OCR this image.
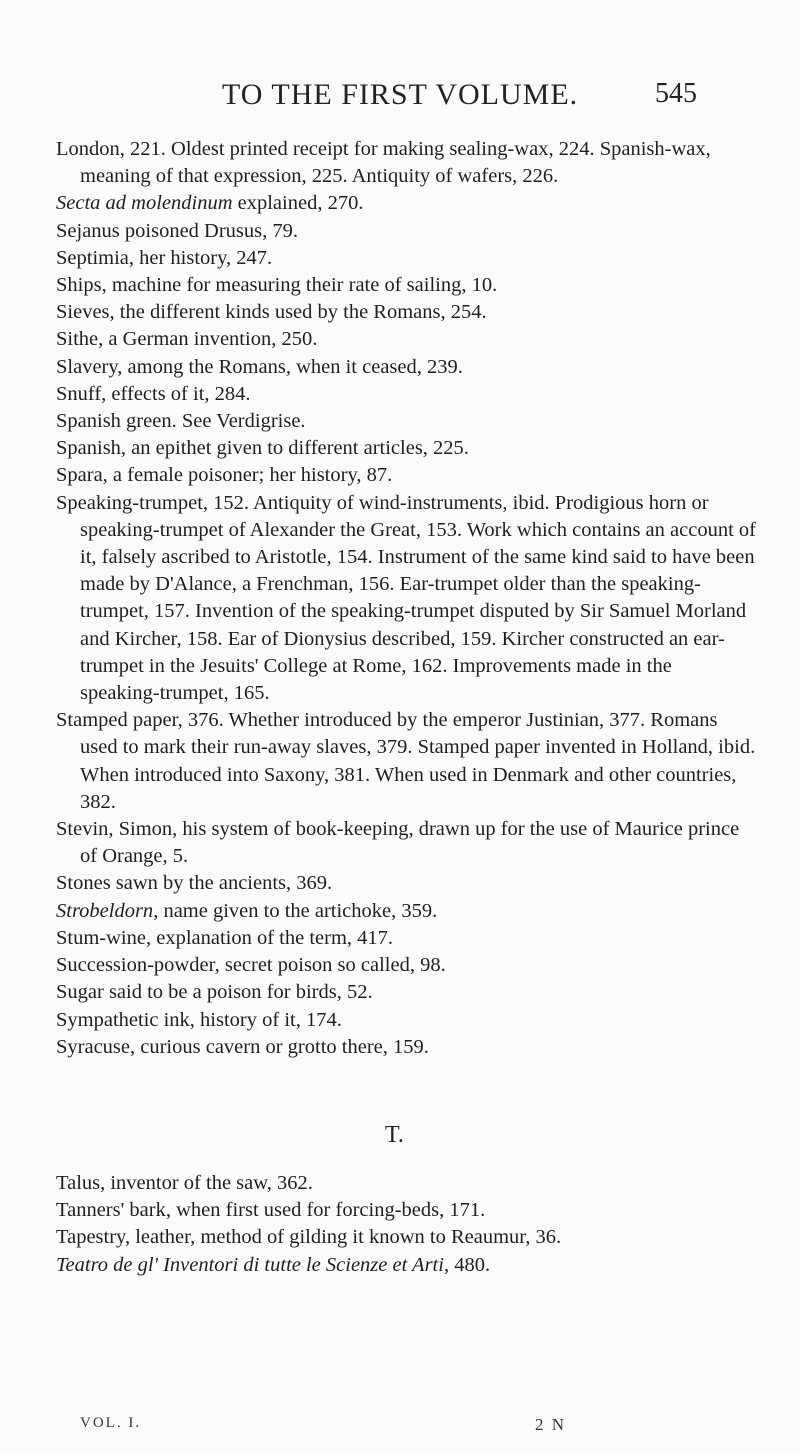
TO THE FIRST VOLUME.	545

London, 221. Oldest printed receipt for making sealing-wax, 224. Spanish-wax, meaning of that expression, 225. Antiquity of wafers, 226.

Secta ad molendinum explained, 270.

Sejanus poisoned Drusus, 79.

Septimia, her history, 247.

Ships, machine for measuring their rate of sailing, 10.

Sieves, the different kinds used by the Romans, 254.

Sithe, a German invention, 250.

Slavery, among the Romans, when it ceased, 239.

Snuff, effects of it, 284.

Spanish green. See Verdigrise.

Spanish, an epithet given to different articles, 225.

Spara, a female poisoner; her history, 87.

Speaking-trumpet, 152. Antiquity of wind-instruments, ibid. Prodigious horn or speaking-trumpet of Alexander the Great, 153. Work which contains an account of it, falsely ascribed to Aristotle, 154. Instrument of the same kind said to have been made by D'Alance, a Frenchman, 156. Ear-trumpet older than the speaking-trumpet, 157. Invention of the speaking-trumpet disputed by Sir Samuel Morland and Kircher, 158. Ear of Dionysius described, 159. Kircher constructed an ear-trumpet in the Jesuits' College at Rome, 162. Improvements made in the speaking-trumpet, 165.

Stamped paper, 376. Whether introduced by the emperor Justinian, 377. Romans used to mark their run-away slaves, 379. Stamped paper invented in Holland, ibid. When introduced into Saxony, 381. When used in Denmark and other countries, 382.

Stevin, Simon, his system of book-keeping, drawn up for the use of Maurice prince of Orange, 5.

Stones sawn by the ancients, 369.

Strobeldorn, name given to the artichoke, 359.

Stum-wine, explanation of the term, 417.

Succession-powder, secret poison so called, 98.

Sugar said to be a poison for birds, 52.

Sympathetic ink, history of it, 174.

Syracuse, curious cavern or grotto there, 159.

T.

Talus, inventor of the saw, 362.

Tanners' bark, when first used for forcing-beds, 171.

Tapestry, leather, method of gilding it known to Reaumur, 36.

Teatro de gl' Inventori di tutte le Scienze et Arti, 480.

VOL. I.	2 N
